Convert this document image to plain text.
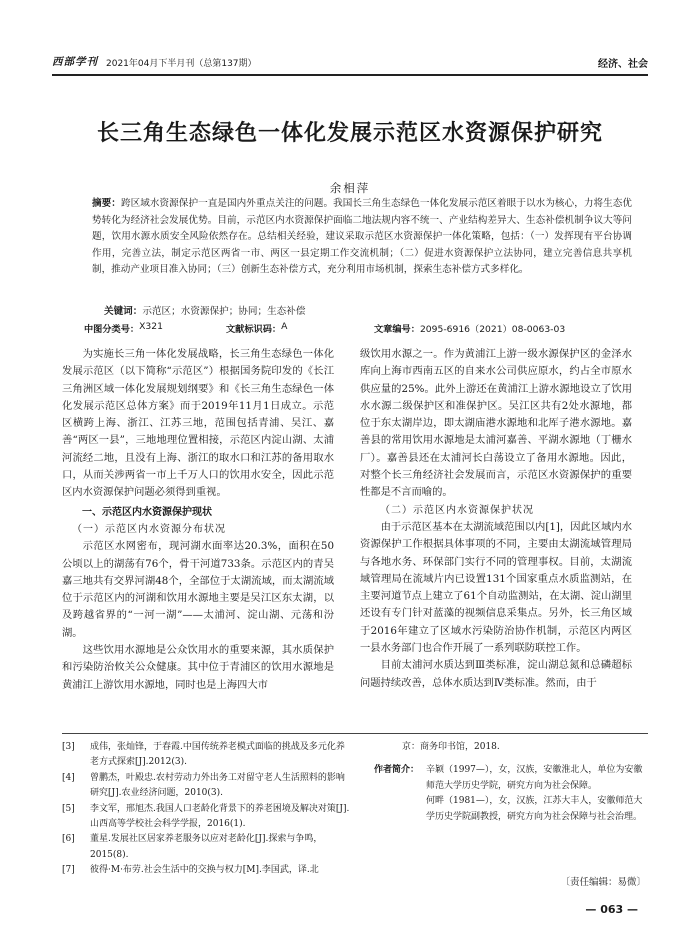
西部学刊 2021年04月下半月刊（总第137期）	经济、社会
长三角生态绿色一体化发展示范区水资源保护研究
余相萍
摘要：跨区域水资源保护一直是国内外重点关注的问题。我国长三角生态绿色一体化发展示范区着眼于以水为核心，力将生态优势转化为经济社会发展优势。目前，示范区内水资源保护面临二地法规内容不统一、产业结构差异大、生态补偿机制争议大等问题，饮用水源水质安全风险依然存在。总结相关经验，建议采取示范区水资源保护一体化策略，包括：（一）发挥现有平台协调作用，完善立法，制定示范区两省一市、两区一县定期工作交流机制；（二）促进水资源保护立法协同，建立完善信息共享机制，推动产业项目准入协同；（三）创新生态补偿方式，充分利用市场机制，探索生态补偿方式多样化。
关键词：示范区；水资源保护；协同；生态补偿
中图分类号： X321	文献标识码： A	文章编号： 2095-6916（2021）08-0063-03

为实施长三角一体化发展战略，长三角生态绿色一体化发展示范区（以下简称“示范区”）根据国务院印发的《长江三角洲区域一体化发展规划纲要》和《长三角生态绿色一体化发展示范区总体方案》而于2019年11月1日成立。示范区横跨上海、浙江、江苏三地，范围包括青浦、吴江、嘉善“两区一县”，三地地理位置相接，示范区内淀山湖、太浦河流经二地，且没有上海、浙江的取水口和江苏的备用取水口，从而关涉两省一市上千万人口的饮用水安全，因此示范区内水资源保护问题必须得到重视。

一、示范区内水资源保护现状
（一）示范区内水资源分布状况

示范区水网密布，现河湖水面率达20.3%，面积在50公顷以上的湖荡有76个，骨干河道733条。示范区内的青吴嘉三地共有交界河湖48个，全部位于太湖流域，而太湖流域位于示范区内的河湖和饮用水源地主要是吴江区东太湖，以及跨越省界的“一河一湖”——太浦河、淀山湖、元荡和汾湖。

这些饮用水源地是公众饮用水的重要来源，其水质保护和污染防治攸关公众健康。其中位于青浦区的饮用水源地是黄浦江上游饮用水源地，同时也是上海四大市

级饮用水源之一。作为黄浦江上游一级水源保护区的金泽水库向上海市西南五区的自来水公司供应原水，约占全市原水供应量的25%。此外上游还在黄浦江上游水源地设立了饮用水水源二级保护区和准保护区。吴江区共有2处水源地，都位于东太湖岸边，即太湖庙港水源地和北厍子港水源地。嘉善县的常用饮用水源地是太浦河嘉善、平湖水源地（丁栅水厂）。嘉善县还在太浦河长白荡设立了备用水源地。因此，对整个长三角经济社会发展而言，示范区水资源保护的重要性都是不言而喻的。

（二）示范区内水资源保护状况

由于示范区基本在太湖流域范围以内[1]，因此区域内水资源保护工作根据具体事项的不同，主要由太湖流域管理局与各地水务、环保部门实行不同的管理事权。目前，太湖流域管理局在流域片内已设置131个国家重点水质监测站，在主要河道节点上建立了61个自动监测站，在太湖、淀山湖里还设有专门针对蓝藻的视频信息采集点。另外，长三角区域于2016年建立了区域水污染防治协作机制，示范区内两区一县水务部门也合作开展了一系列联防联控工作。

目前太浦河水质达到Ⅲ类标准，淀山湖总氮和总磷超标问题持续改善，总体水质达到Ⅳ类标准。然而，由于

[3]	成伟，张灿锋，于春霞.中国传统养老模式面临的挑战及多元化养老方式探索[J].2012(3).
[4]	曾鹏杰，叶殿忠.农村劳动力外出务工对留守老人生活照料的影响研究[J].农业经济问题，2010(3).
[5]	李文军，邢旭杰.我国人口老龄化背景下的养老困境及解决对策[J].山西高等学校社会科学学报，2016(1).
[6]	董星.发展社区居家养老服务以应对老龄化[J].探索与争鸣，2015(8).
[7]	彼得·M·布劳.社会生活中的交换与权力[M].李国武，译.北
京：商务印书馆，2018.
作者简介： 辛颖（1997—），女，汉族，安徽淮北人，单位为安徽师范大学历史学院，研究方向为社会保障。
何畔（1981—），女，汉族，江苏大丰人，安徽师范大学历史学院副教授，研究方向为社会保障与社会治理。
〔责任编辑：易微〕
— 063 —
